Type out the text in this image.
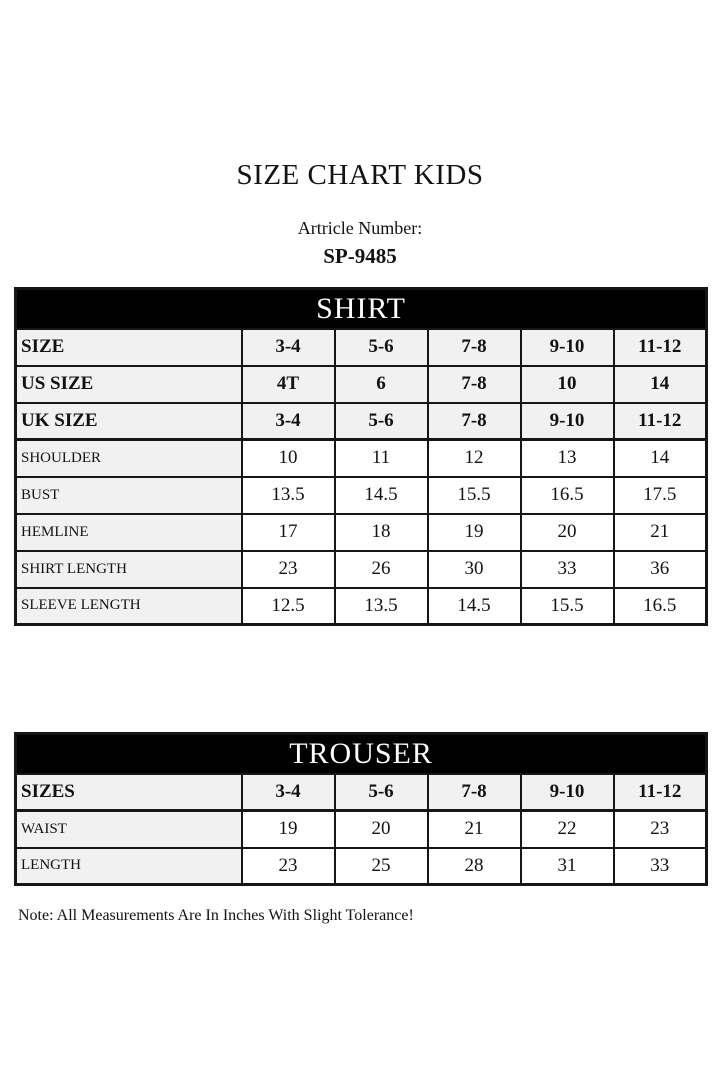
SIZE CHART KIDS
Artricle Number:
SP-9485
SHIRT					
SIZE	3-4	5-6	7-8	9-10	11-12
US SIZE	4T	6	7-8	10	14
UK SIZE	3-4	5-6	7-8	9-10	11-12
SHOULDER	10	11	12	13	14
BUST	13.5	14.5	15.5	16.5	17.5
HEMLINE	17	18	19	20	21
SHIRT LENGTH	23	26	30	33	36
SLEEVE LENGTH	12.5	13.5	14.5	15.5	16.5
TROUSER					
SIZES	3-4	5-6	7-8	9-10	11-12
WAIST	19	20	21	22	23
LENGTH	23	25	28	31	33
Note: All Measurements Are In Inches With Slight Tolerance!
